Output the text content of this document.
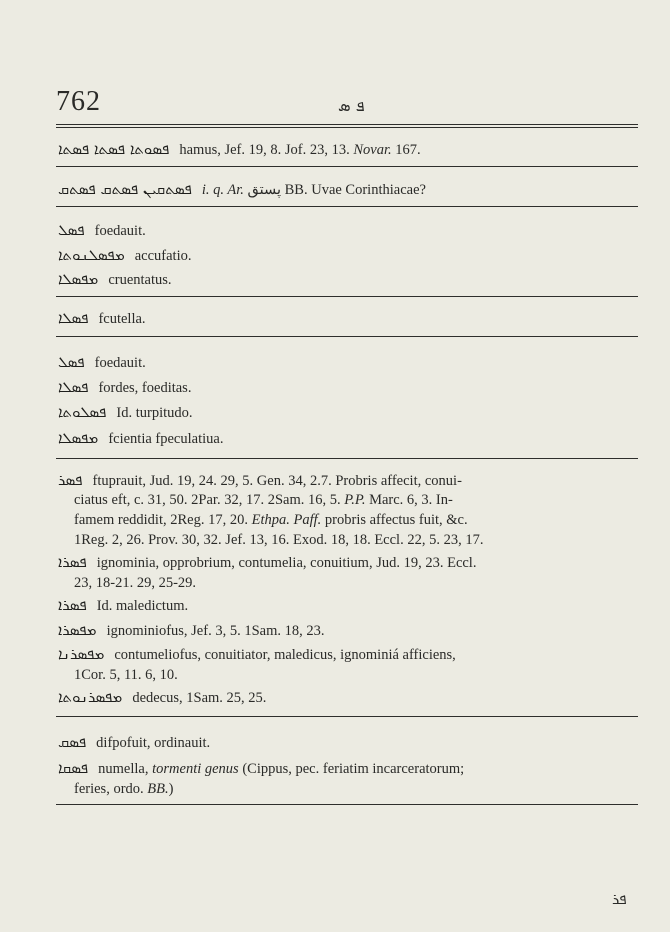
762	ܦ ܣ
ܦܣܘܬܐ ܦܣܬܐ ܦܣܬܐ hamus, Jef. 19, 8. Jof. 23, 13. Novar. 167.
ܦܣܬܩܝܢ ܦܣܬܩ ܦܣܬܩ i. q. Ar. ﭘﺴﺘﻖ BB. Uvae Corinthiacae?
ܦܣܠ foedauit.
ܡܦܣܠܢܘܬܐ accufatio.
ܡܦܣܠܐ cruentatus.
ܦܣܠܐ fcutella.
ܦܣܠ foedauit.
ܦܣܠܐ fordes, foeditas.
ܦܣܠܘܬܐ Id. turpitudo.
ܡܦܣܠܐ fcientia fpeculatiua.
ܦܣܪ ftuprauit, Jud. 19, 24. 29, 5. Gen. 34, 2.7. Probris affecit, conui-
ciatus eft, c. 31, 50. 2Par. 32, 17. 2Sam. 16, 5. P.P. Marc. 6, 3. In-
famem reddidit, 2Reg. 17, 20. Ethpa. Paff. probris affectus fuit, &c.
1Reg. 2, 26. Prov. 30, 32. Jef. 13, 16. Exod. 18, 18. Eccl. 22, 5. 23, 17.
ܦܣܪܐ ignominia, opprobrium, contumelia, conuitium, Jud. 19, 23. Eccl.
23, 18-21. 29, 25-29.
ܦܣܪܐ Id. maledictum.
ܡܦܣܪܐ ignominiofus, Jef. 3, 5. 1Sam. 18, 23.
ܡܦܣܪܢܐ contumeliofus, conuitiator, maledicus, ignominiá afficiens,
1Cor. 5, 11. 6, 10.
ܡܦܣܪܢܘܬܐ dedecus, 1Sam. 25, 25.
ܦܣܩ difpofuit, ordinauit.
ܦܣܩܐ numella, tormenti genus (Cippus, pec. feriatim incarceratorum;
feries, ordo. BB.)
ܦܪ
